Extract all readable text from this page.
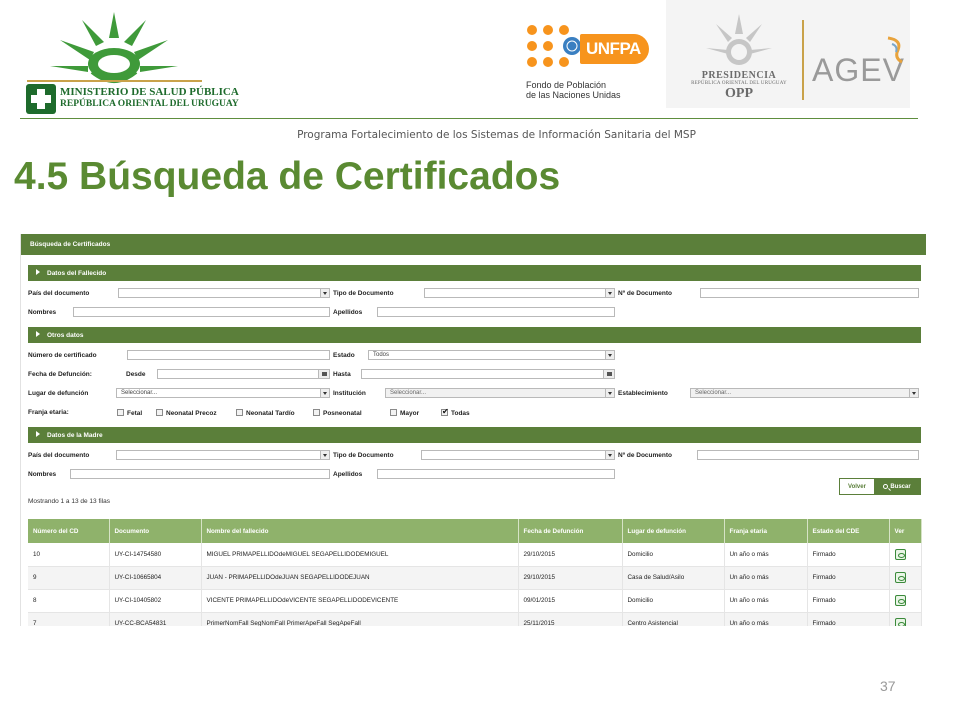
MINISTERIO DE SALUD PÚBLICA
REPÚBLICA ORIENTAL DEL URUGUAY
UNFPA
Fondo de Población
de las Naciones Unidas
PRESIDENCIA
REPÚBLICA ORIENTAL DEL URUGUAY
OPP
AGEV
Programa Fortalecimiento de los Sistemas de Información Sanitaria del MSP
4.5 Búsqueda de Certificados
Búsqueda de Certificados
Datos del Fallecido
País del documento	Tipo de Documento	Nº de Documento
Nombres	Apellidos
Otros datos
Número de certificado	Estado	Todos
Fecha de Defunción:	Desde	Hasta
Lugar de defunción	Seleccionar...	Institución	Seleccionar...	Establecimiento	Seleccionar...
Franja etaria:	Fetal	Neonatal Precoz	Neonatal Tardío	Posneonatal	Mayor ✔	Todas
Datos de la Madre
País del documento	Tipo de Documento	Nº de Documento
Nombres	Apellidos
Volver	Buscar
Mostrando 1 a 13 de 13 filas
Número del CD	Documento	Nombre del fallecido	Fecha de Defunción	Lugar de defunción	Franja etaria	Estado del CDE	Ver
10	UY-CI-14754580	MIGUEL PRIMAPELLIDOdeMIGUEL SEGAPELLIDODEMIGUEL	29/10/2015	Domicilio	Un año o más	Firmado	
9	UY-CI-10665804	JUAN - PRIMAPELLIDOdeJUAN SEGAPELLIDODEJUAN	29/10/2015	Casa de Salud/Asilo	Un año o más	Firmado	
8	UY-CI-10405802	VICENTE PRIMAPELLIDOdeVICENTE SEGAPELLIDODEVICENTE	09/01/2015	Domicilio	Un año o más	Firmado	
7	UY-CC-BCA54831	PrimerNomFall SegNomFall PrimerApeFall SegApeFall	25/11/2015	Centro Asistencial	Un año o más	Firmado	
37
